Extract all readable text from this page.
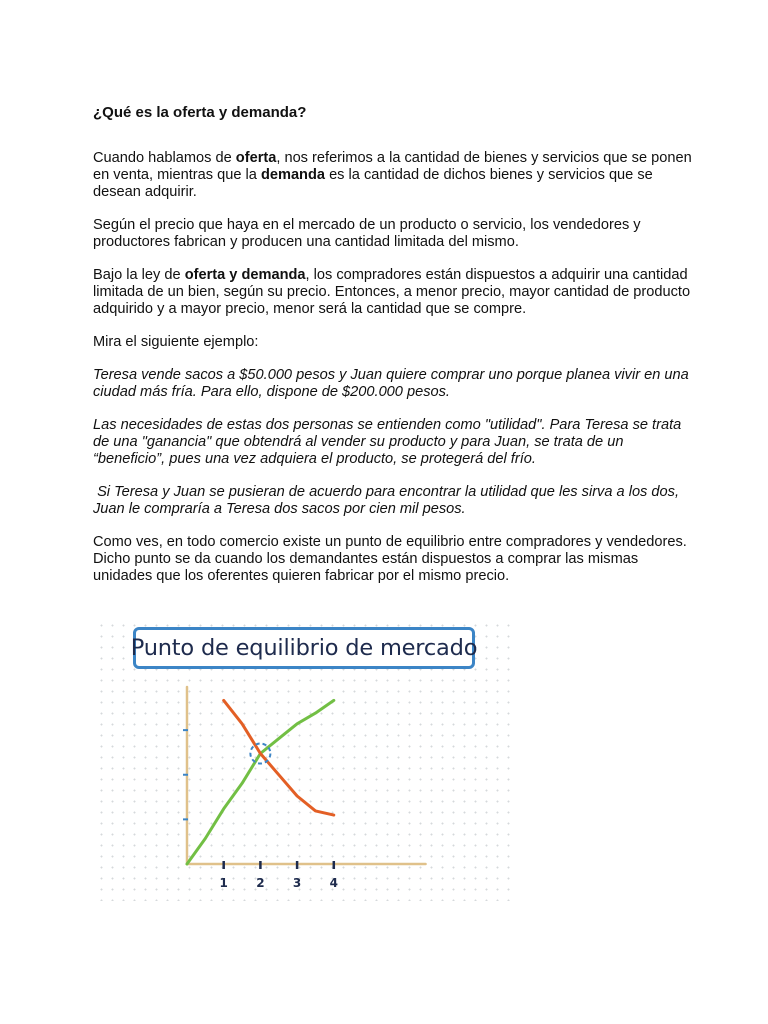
¿Qué es la oferta y demanda?

Cuando hablamos de oferta, nos referimos a la cantidad de bienes y servicios que se ponen en venta, mientras que la demanda es la cantidad de dichos bienes y servicios que se desean adquirir.

Según el precio que haya en el mercado de un producto o servicio, los vendedores y productores fabrican y producen una cantidad limitada del mismo.

Bajo la ley de oferta y demanda, los compradores están dispuestos a adquirir una cantidad limitada de un bien, según su precio. Entonces, a menor precio, mayor cantidad de producto adquirido y a mayor precio, menor será la cantidad que se compre.

Mira el siguiente ejemplo:

Teresa vende sacos a $50.000 pesos y Juan quiere comprar uno porque planea vivir en una ciudad más fría. Para ello, dispone de $200.000 pesos.

Las necesidades de estas dos personas se entienden como "utilidad". Para Teresa se trata de una "ganancia" que obtendrá al vender su producto y para Juan, se trata de un “beneficio”, pues una vez adquiera el producto, se protegerá del frío.

Si Teresa y Juan se pusieran de acuerdo para encontrar la utilidad que les sirva a los dos, Juan le compraría a Teresa dos sacos por cien mil pesos.

Como ves, en todo comercio existe un punto de equilibrio entre compradores y vendedores. Dicho punto se da cuando los demandantes están dispuestos a comprar las mismas unidades que los oferentes quieren fabricar por el mismo precio.

Punto de equilibrio de mercado
1 2 3 4
